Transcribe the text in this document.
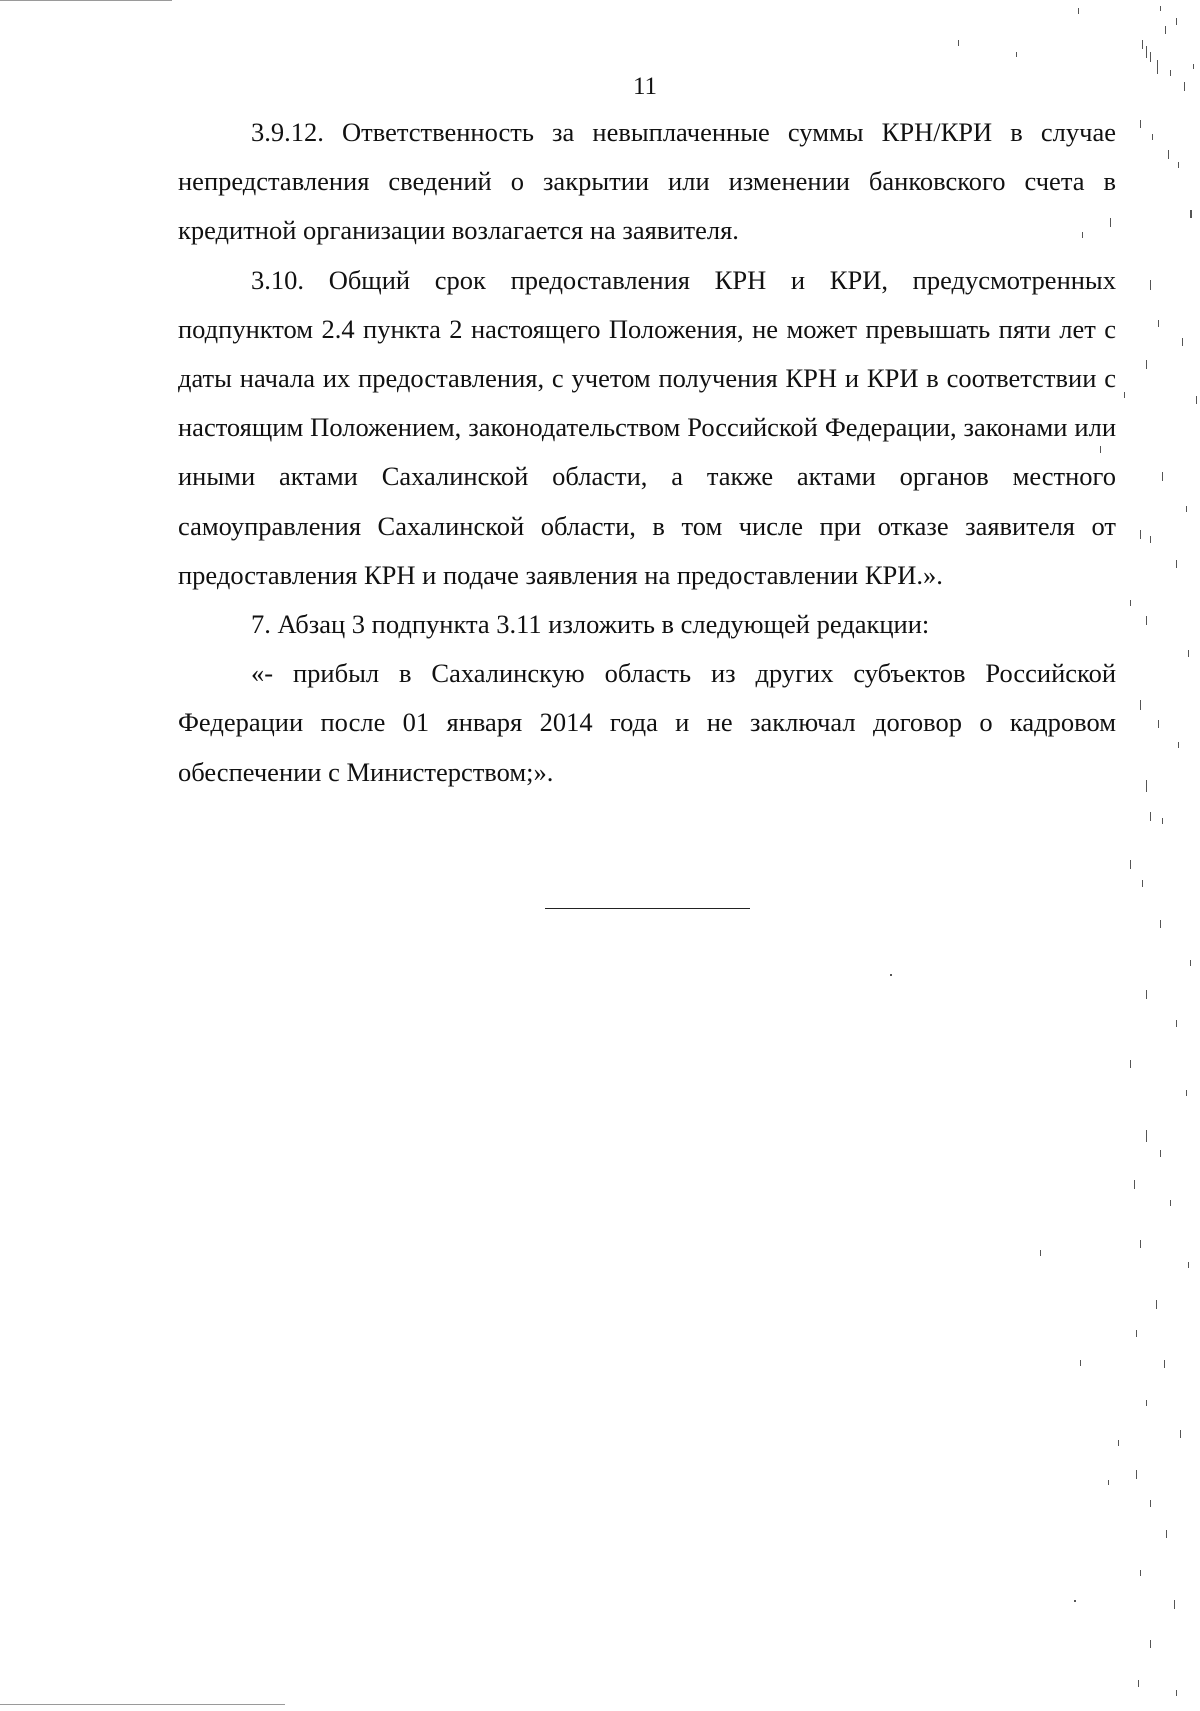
11

3.9.12. Ответственность за невыплаченные суммы КРН/КРИ в случае непредставления сведений о закрытии или изменении банковского счета в кредитной организации возлагается на заявителя.

3.10. Общий срок предоставления КРН и КРИ, предусмотренных подпунктом 2.4 пункта 2 настоящего Положения, не может превышать пяти лет с даты начала их предоставления, с учетом получения КРН и КРИ в соответствии с настоящим Положением, законодательством Российской Федерации, законами или иными актами Сахалинской области, а также актами органов местного самоуправления Сахалинской области, в том числе при отказе заявителя от предоставления КРН и подаче заявления на предоставлении КРИ.».

7. Абзац 3 подпункта 3.11 изложить в следующей редакции:

«- прибыл в Сахалинскую область из других субъектов Российской Федерации после 01 января 2014 года и не заключал договор о кадровом обеспечении с Министерством;».
